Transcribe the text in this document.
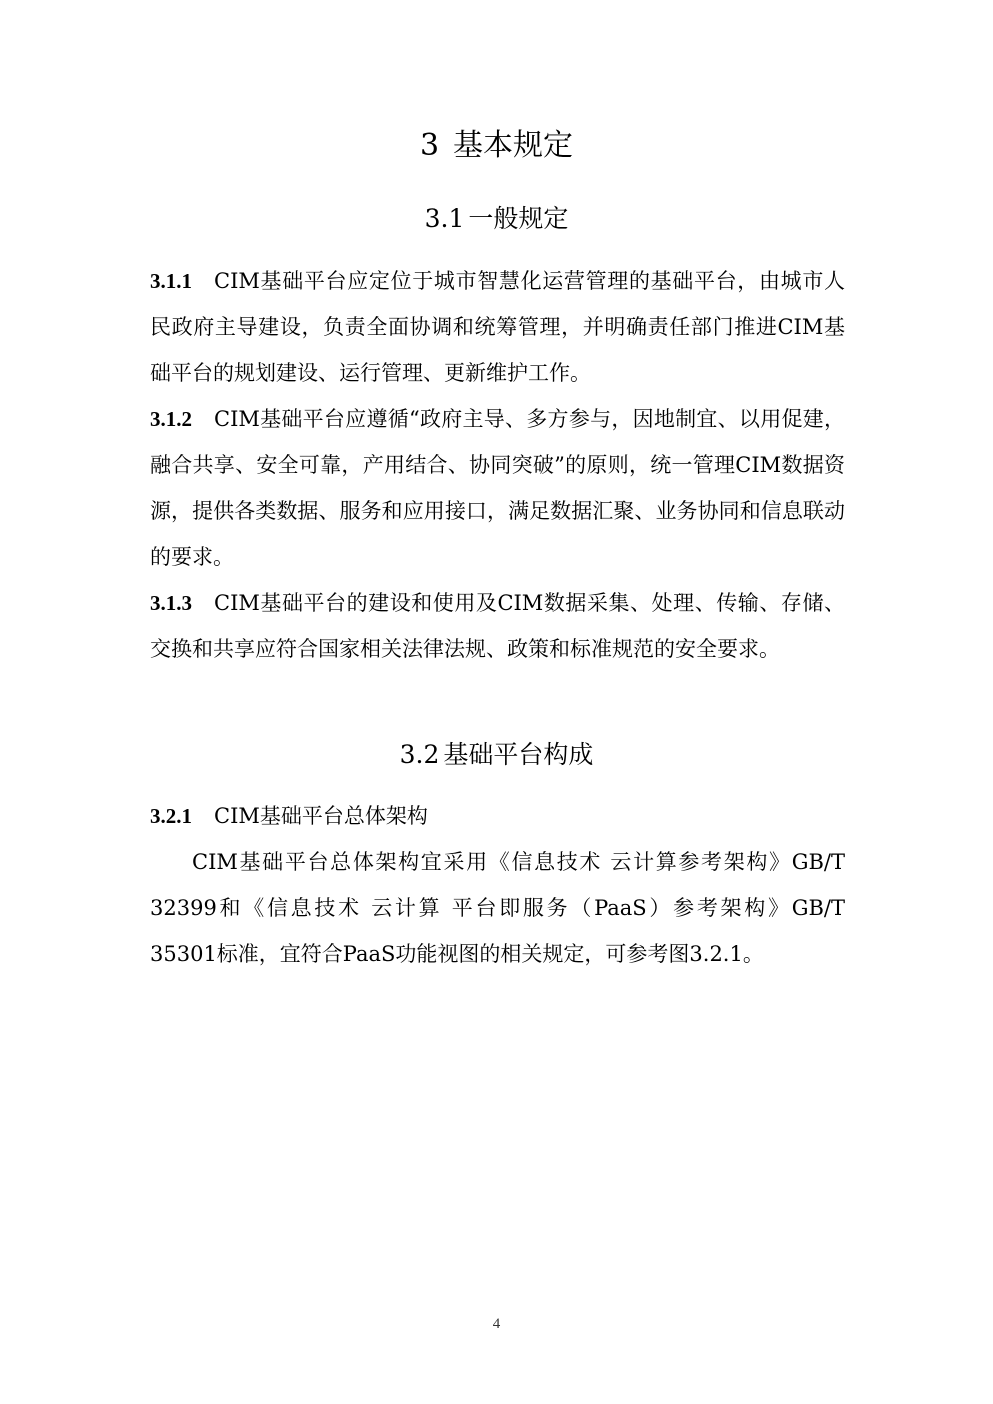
3 基本规定
3.1 一般规定

3.1.1 CIM基础平台应定位于城市智慧化运营管理的基础平台，由城市人民政府主导建设，负责全面协调和统筹管理，并明确责任部门推进CIM基础平台的规划建设、运行管理、更新维护工作。

3.1.2 CIM基础平台应遵循“政府主导、多方参与，因地制宜、以用促建，融合共享、安全可靠，产用结合、协同突破”的原则，统一管理CIM数据资源，提供各类数据、服务和应用接口，满足数据汇聚、业务协同和信息联动的要求。

3.1.3 CIM基础平台的建设和使用及CIM数据采集、处理、传输、存储、交换和共享应符合国家相关法律法规、政策和标准规范的安全要求。

3.2 基础平台构成

3.2.1 CIM基础平台总体架构

CIM基础平台总体架构宜采用《信息技术 云计算参考架构》GB/T 32399和《信息技术 云计算 平台即服务（PaaS）参考架构》GB/T 35301标准，宜符合PaaS功能视图的相关规定，可参考图3.2.1。

4
